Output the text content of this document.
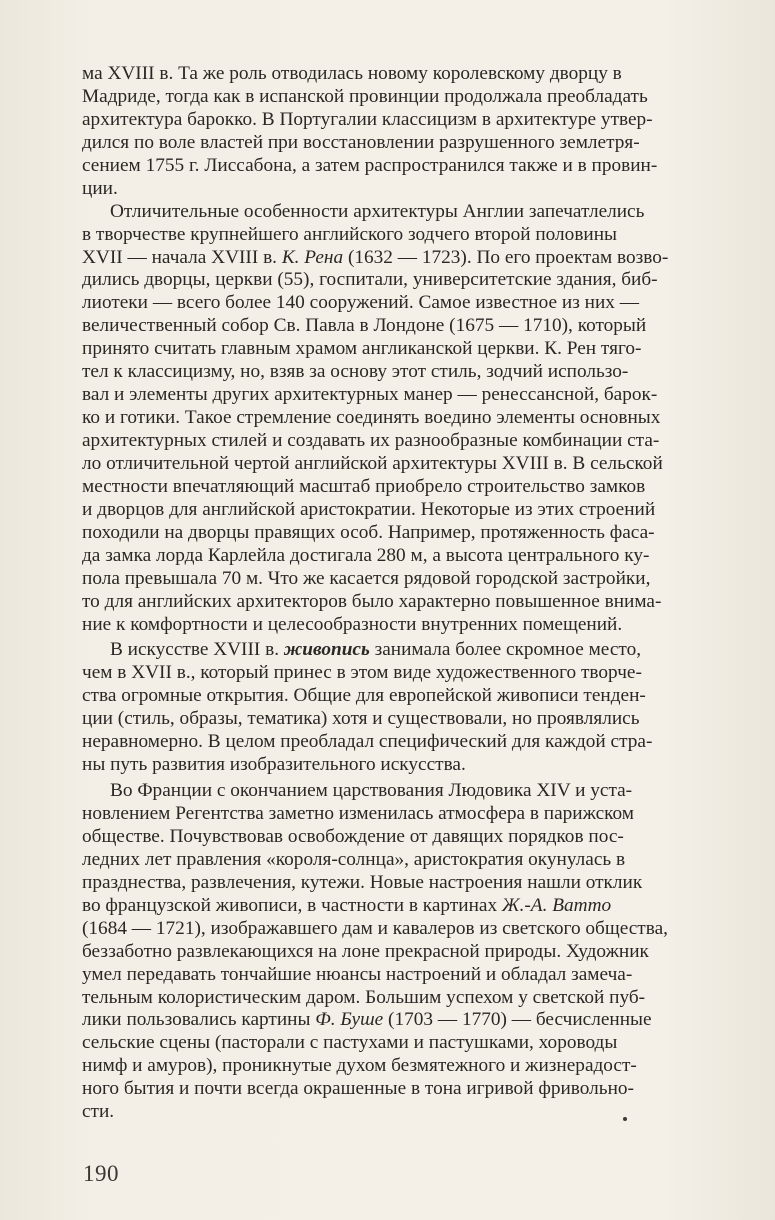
ма XVIII в. Та же роль отводилась новому королевскому дворцу в
Мадриде, тогда как в испанской провинции продолжала преобладать
архитектура барокко. В Португалии классицизм в архитектуре утвер-
дился по воле властей при восстановлении разрушенного землетря-
сением 1755 г. Лиссабона, а затем распространился также и в провин-
ции.
Отличительные особенности архитектуры Англии запечатлелись
в творчестве крупнейшего английского зодчего второй половины
XVII — начала XVIII в. К. Рена (1632 — 1723). По его проектам возво-
дились дворцы, церкви (55), госпитали, университетские здания, биб-
лиотеки — всего более 140 сооружений. Самое известное из них —
величественный собор Св. Павла в Лондоне (1675 — 1710), который
принято считать главным храмом англиканской церкви. К. Рен тяго-
тел к классицизму, но, взяв за основу этот стиль, зодчий использо-
вал и элементы других архитектурных манер — ренессансной, барок-
ко и готики. Такое стремление соединять воедино элементы основных
архитектурных стилей и создавать их разнообразные комбинации ста-
ло отличительной чертой английской архитектуры XVIII в. В сельской
местности впечатляющий масштаб приобрело строительство замков
и дворцов для английской аристократии. Некоторые из этих строений
походили на дворцы правящих особ. Например, протяженность фаса-
да замка лорда Карлейла достигала 280 м, а высота центрального ку-
пола превышала 70 м. Что же касается рядовой городской застройки,
то для английских архитекторов было характерно повышенное внима-
ние к комфортности и целесообразности внутренних помещений.
В искусстве XVIII в. живопись занимала более скромное место,
чем в XVII в., который принес в этом виде художественного творче-
ства огромные открытия. Общие для европейской живописи тенден-
ции (стиль, образы, тематика) хотя и существовали, но проявлялись
неравномерно. В целом преобладал специфический для каждой стра-
ны путь развития изобразительного искусства.
Во Франции с окончанием царствования Людовика XIV и уста-
новлением Регентства заметно изменилась атмосфера в парижском
обществе. Почувствовав освобождение от давящих порядков пос-
ледних лет правления «короля-солнца», аристократия окунулась в
празднества, развлечения, кутежи. Новые настроения нашли отклик
во французской живописи, в частности в картинах Ж.-А. Ватто
(1684 — 1721), изображавшего дам и кавалеров из светского общества,
беззаботно развлекающихся на лоне прекрасной природы. Художник
умел передавать тончайшие нюансы настроений и обладал замеча-
тельным колористическим даром. Большим успехом у светской пуб-
лики пользовались картины Ф. Буше (1703 — 1770) — бесчисленные
сельские сцены (пасторали с пастухами и пастушками, хороводы
нимф и амуров), проникнутые духом безмятежного и жизнерадост-
ного бытия и почти всегда окрашенные в тона игривой фривольно-
сти.
190
